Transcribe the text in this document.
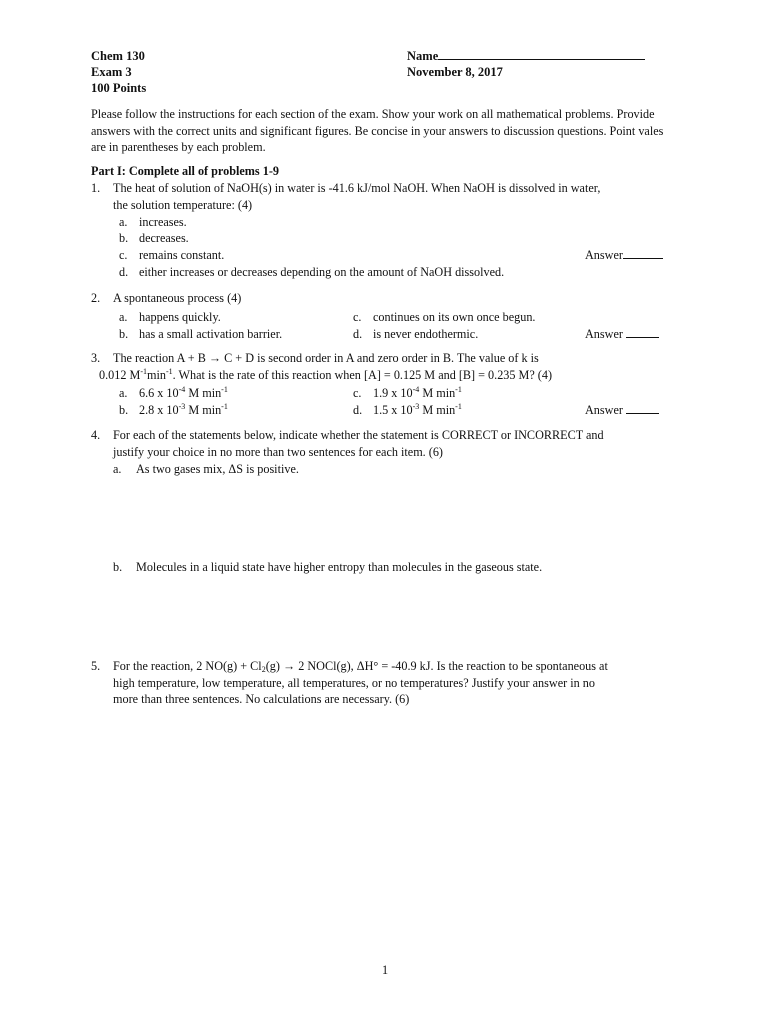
Chem 130
Exam 3
100 Points
Name
November 8, 2017
Please follow the instructions for each section of the exam. Show your work on all mathematical problems. Provide answers with the correct units and significant figures. Be concise in your answers to discussion questions. Point vales are in parentheses by each problem.
Part I: Complete all of problems 1-9
1. The heat of solution of NaOH(s) in water is -41.6 kJ/mol NaOH. When NaOH is dissolved in water,
the solution temperature: (4)
a. increases.
b. decreases.
c. remains constant.
d. either increases or decreases depending on the amount of NaOH dissolved.
Answer
2. A spontaneous process (4)
a. happens quickly.
b. has a small activation barrier.
c. continues on its own once begun.
d. is never endothermic.	Answer
3. The reaction A + B → C + D is second order in A and zero order in B. The value of k is
0.012 $M^{-1}\min^{-1}$. What is the rate of this reaction when [A] = 0.125 M and [B] = 0.235 M? (4)
a. 6.6 x $10^{-4}$ M $\min^{-1}$
b. 2.8 x $10^{-3}$ M $\min^{-1}$
c. 1.9 x $10^{-4}$ M $\min^{-1}$
d. 1.5 x $10^{-3}$ M $\min^{-1}$	Answer
4. For each of the statements below, indicate whether the statement is CORRECT or INCORRECT and
justify your choice in no more than two sentences for each item. (6)
a. As two gases mix, ΔS is positive.
b. Molecules in a liquid state have higher entropy than molecules in the gaseous state.
5. For the reaction, 2 $NO(g) + Cl_2(g) \to 2$ NOCl(g), ΔH° = -40.9 kJ. Is the reaction to be spontaneous at
high temperature, low temperature, all temperatures, or no temperatures? Justify your answer in no
more than three sentences. No calculations are necessary. (6)
1
